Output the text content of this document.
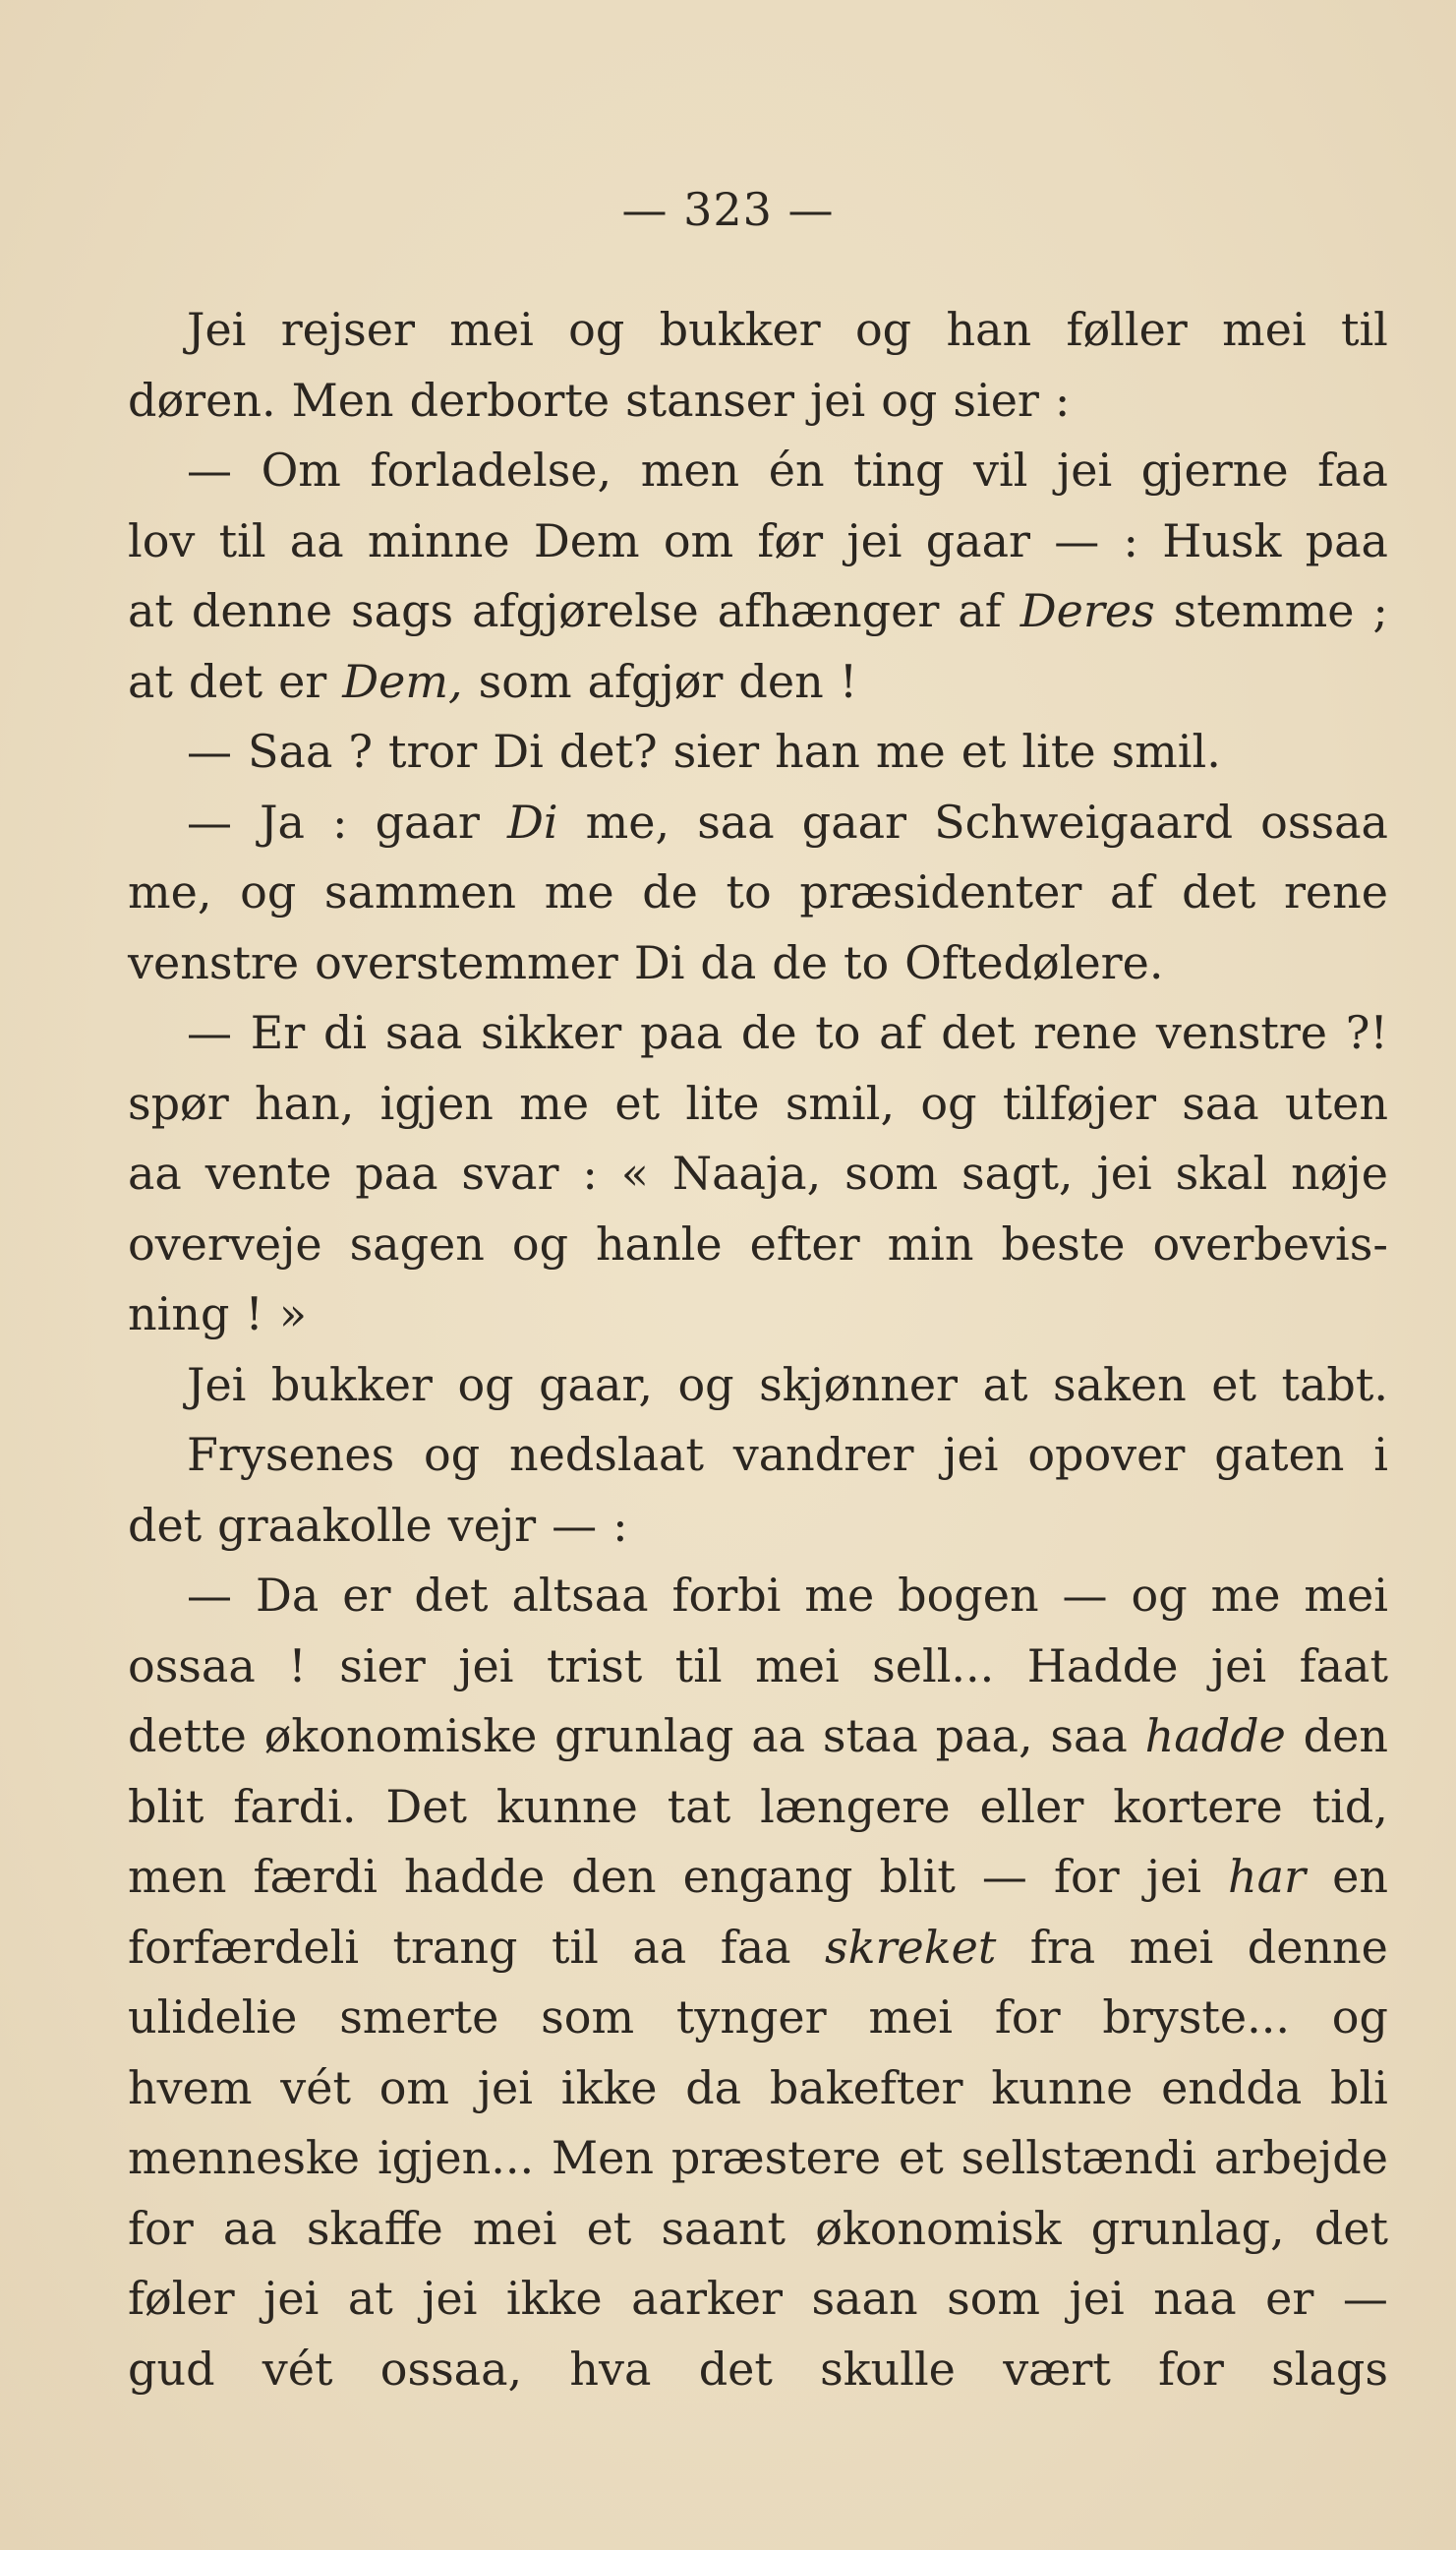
— 323 —
Jei rejser mei og bukker og han føller mei til
døren. Men derborte stanser jei og sier :
— Om forladelse, men én ting vil jei gjerne faa
lov til aa minne Dem om før jei gaar — : Husk paa
at denne sags afgjørelse afhænger af Deres stemme ;
at det er Dem, som afgjør den !
— Saa ? tror Di det? sier han me et lite smil.
— Ja : gaar Di me, saa gaar Schweigaard ossaa
me, og sammen me de to præsidenter af det rene
venstre overstemmer Di da de to Oftedølere.
— Er di saa sikker paa de to af det rene venstre ?!
spør han, igjen me et lite smil, og tilføjer saa uten
aa vente paa svar : « Naaja, som sagt, jei skal nøje
overveje sagen og hanle efter min beste overbevis-
ning ! »
Jei bukker og gaar, og skjønner at saken et tabt.
Frysenes og nedslaat vandrer jei opover gaten i
det graakolle vejr — :
— Da er det altsaa forbi me bogen — og me mei
ossaa ! sier jei trist til mei sell... Hadde jei faat
dette økonomiske grunlag aa staa paa, saa hadde den
blit fardi. Det kunne tat længere eller kortere tid,
men færdi hadde den engang blit — for jei har en
forfærdeli trang til aa faa skreket fra mei denne
ulidelie smerte som tynger mei for bryste... og
hvem vét om jei ikke da bakefter kunne endda bli
menneske igjen... Men præstere et sellstændi arbejde
for aa skaffe mei et saant økonomisk grunlag, det
føler jei at jei ikke aarker saan som jei naa er —
gud vét ossaa, hva det skulle vært for slags
